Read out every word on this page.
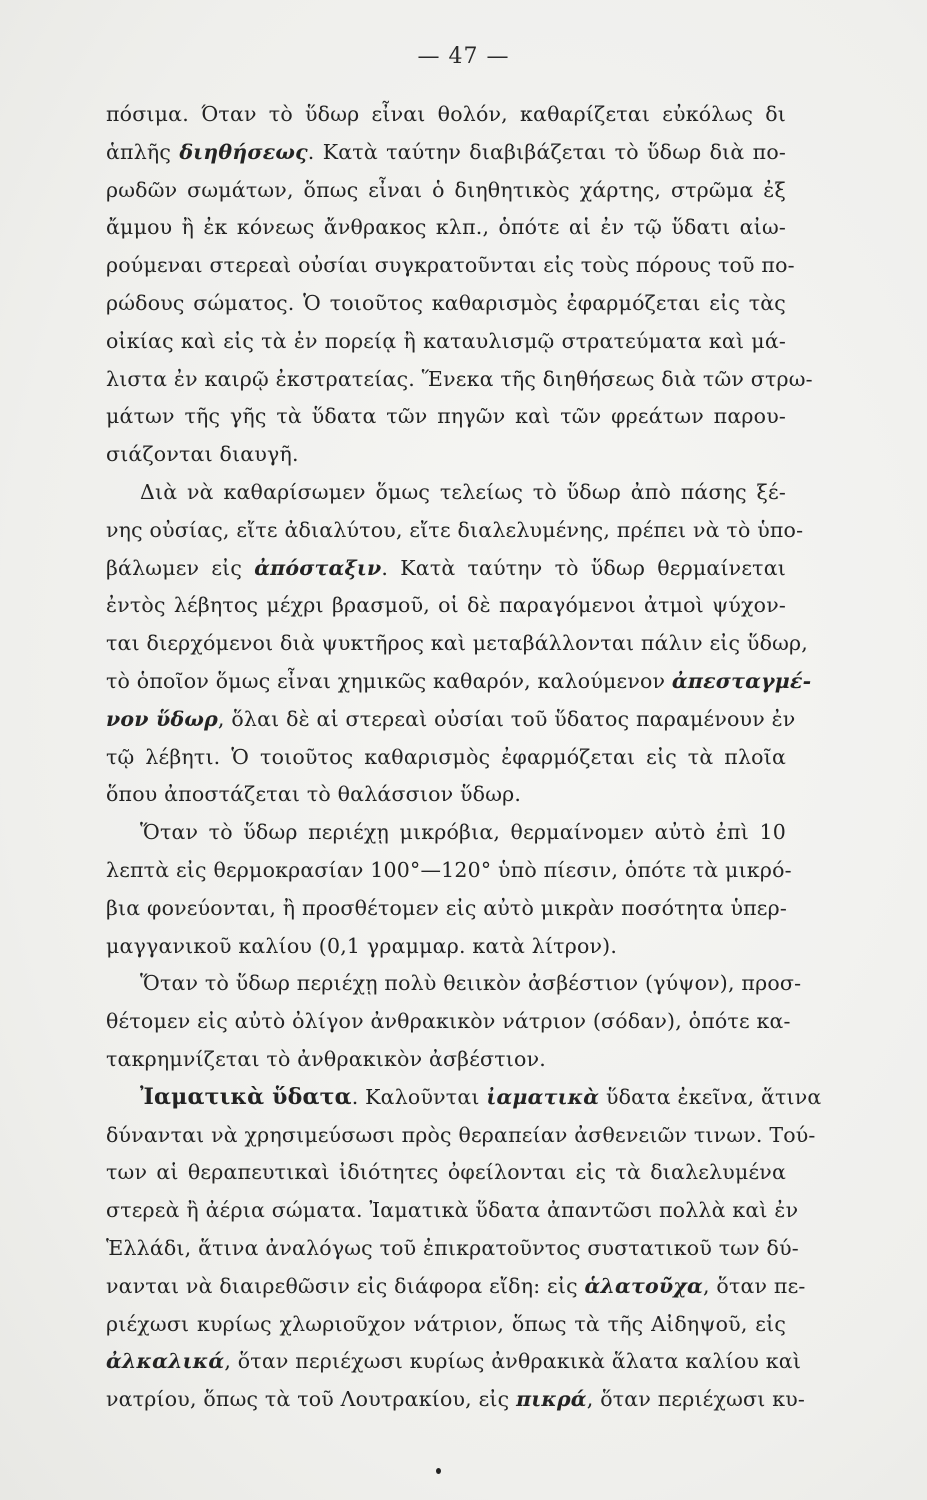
— 47 —
πόσιμα. Όταν τὸ ὕδωρ εἶναι θολόν, καθαρίζεται εὐκόλως δι
ἁπλῆς διηθήσεως. Κατὰ ταύτην διαβιβάζεται τὸ ὕδωρ διὰ πο-
ρωδῶν σωμάτων, ὅπως εἶναι ὁ διηθητικὸς χάρτης, στρῶμα ἐξ
ἄμμου ἢ ἐκ κόνεως ἄνθρακος κλπ., ὁπότε αἱ ἐν τῷ ὕδατι αἰω-
ρούμεναι στερεαὶ οὐσίαι συγκρατοῦνται εἰς τοὺς πόρους τοῦ πο-
ρώδους σώματος. Ὁ τοιοῦτος καθαρισμὸς ἐφαρμόζεται εἰς τὰς
οἰκίας καὶ εἰς τὰ ἐν πορείᾳ ἢ καταυλισμῷ στρατεύματα καὶ μά-
λιστα ἐν καιρῷ ἐκστρατείας. Ἕνεκα τῆς διηθήσεως διὰ τῶν στρω-
μάτων τῆς γῆς τὰ ὕδατα τῶν πηγῶν καὶ τῶν φρεάτων παρου-
σιάζονται διαυγῆ.
Διὰ νὰ καθαρίσωμεν ὅμως τελείως τὸ ὕδωρ ἀπὸ πάσης ξέ-
νης οὐσίας, εἴτε ἀδιαλύτου, εἴτε διαλελυμένης, πρέπει νὰ τὸ ὑπο-
βάλωμεν εἰς ἀπόσταξιν. Κατὰ ταύτην τὸ ὕδωρ θερμαίνεται
ἐντὸς λέβητος μέχρι βρασμοῦ, οἱ δὲ παραγόμενοι ἀτμοὶ ψύχον-
ται διερχόμενοι διὰ ψυκτῆρος καὶ μεταβάλλονται πάλιν εἰς ὕδωρ,
τὸ ὁποῖον ὅμως εἶναι χημικῶς καθαρόν, καλούμενον ἀπεσταγμέ-
νον ὕδωρ, ὅλαι δὲ αἱ στερεαὶ οὐσίαι τοῦ ὕδατος παραμένουν ἐν
τῷ λέβητι. Ὁ τοιοῦτος καθαρισμὸς ἐφαρμόζεται εἰς τὰ πλοῖα
ὅπου ἀποστάζεται τὸ θαλάσσιον ὕδωρ.
Ὅταν τὸ ὕδωρ περιέχῃ μικρόβια, θερμαίνομεν αὐτὸ ἐπὶ 10
λεπτὰ εἰς θερμοκρασίαν 100°—120° ὑπὸ πίεσιν, ὁπότε τὰ μικρό-
βια φονεύονται, ἢ προσθέτομεν εἰς αὐτὸ μικρὰν ποσότητα ὑπερ-
μαγγανικοῦ καλίου (0,1 γραμμαρ. κατὰ λίτρον).
Ὅταν τὸ ὕδωρ περιέχῃ πολὺ θειικὸν ἀσβέστιον (γύψον), προσ-
θέτομεν εἰς αὐτὸ ὀλίγον ἀνθρακικὸν νάτριον (σόδαν), ὁπότε κα-
τακρημνίζεται τὸ ἀνθρακικὸν ἀσβέστιον.
Ἰαματικὰ ὕδατα. Καλοῦνται ἰαματικὰ ὕδατα ἐκεῖνα, ἅτινα
δύνανται νὰ χρησιμεύσωσι πρὸς θεραπείαν ἀσθενειῶν τινων. Τού-
των αἱ θεραπευτικαὶ ἰδιότητες ὀφείλονται εἰς τὰ διαλελυμένα
στερεὰ ἢ ἀέρια σώματα. Ἰαματικὰ ὕδατα ἀπαντῶσι πολλὰ καὶ ἐν
Ἑλλάδι, ἅτινα ἀναλόγως τοῦ ἐπικρατοῦντος συστατικοῦ των δύ-
νανται νὰ διαιρεθῶσιν εἰς διάφορα εἴδη: εἰς ἁλατοῦχα, ὅταν πε-
ριέχωσι κυρίως χλωριοῦχον νάτριον, ὅπως τὰ τῆς Αἰδηψοῦ, εἰς
ἀλκαλικά, ὅταν περιέχωσι κυρίως ἀνθρακικὰ ἅλατα καλίου καὶ
νατρίου, ὅπως τὰ τοῦ Λουτρακίου, εἰς πικρά, ὅταν περιέχωσι κυ-
